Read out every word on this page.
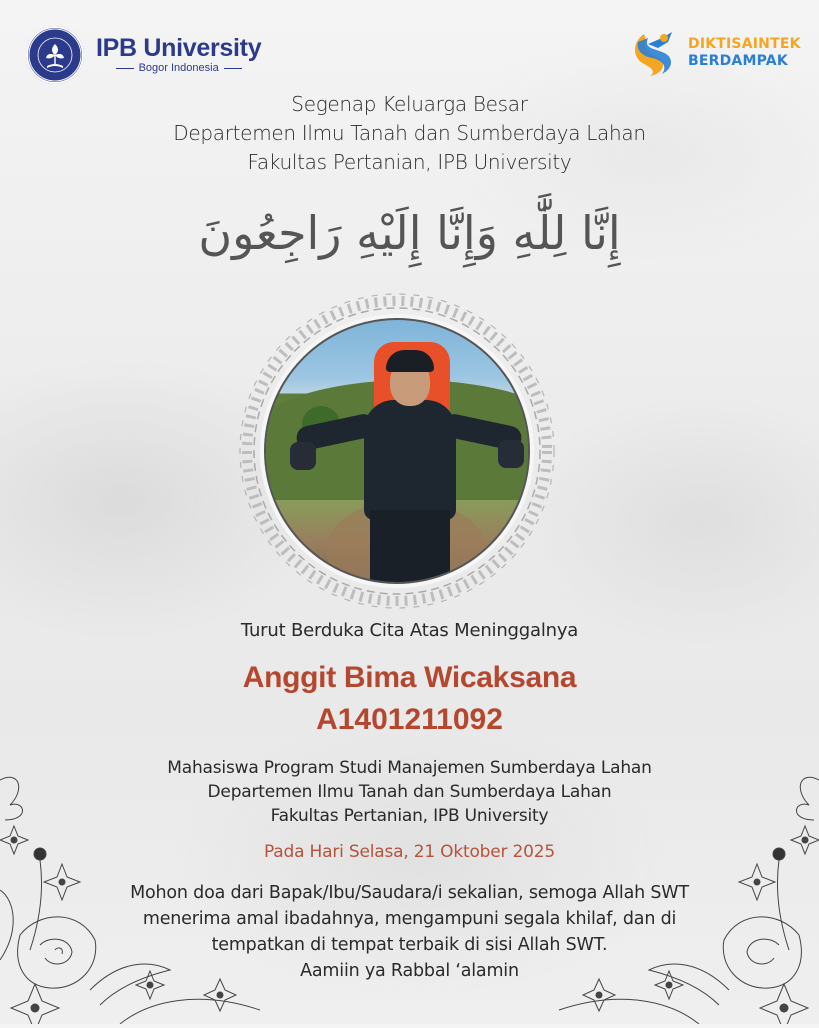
IPB University
Bogor Indonesia
DIKTISAINTEK
BERDAMPAK
Segenap Keluarga Besar
Departemen Ilmu Tanah dan Sumberdaya Lahan
Fakultas Pertanian, IPB University
إِنَّا لِلَّٰهِ وَإِنَّا إِلَيْهِ رَاجِعُونَ
Turut Berduka Cita Atas Meninggalnya
Anggit Bima Wicaksana
A1401211092
Mahasiswa Program Studi Manajemen Sumberdaya Lahan
Departemen Ilmu Tanah dan Sumberdaya Lahan
Fakultas Pertanian, IPB University
Pada Hari Selasa, 21 Oktober 2025
Mohon doa dari Bapak/Ibu/Saudara/i sekalian, semoga Allah SWT
menerima amal ibadahnya, mengampuni segala khilaf, dan di
tempatkan di tempat terbaik di sisi Allah SWT.
Aamiin ya Rabbal ‘alamin
